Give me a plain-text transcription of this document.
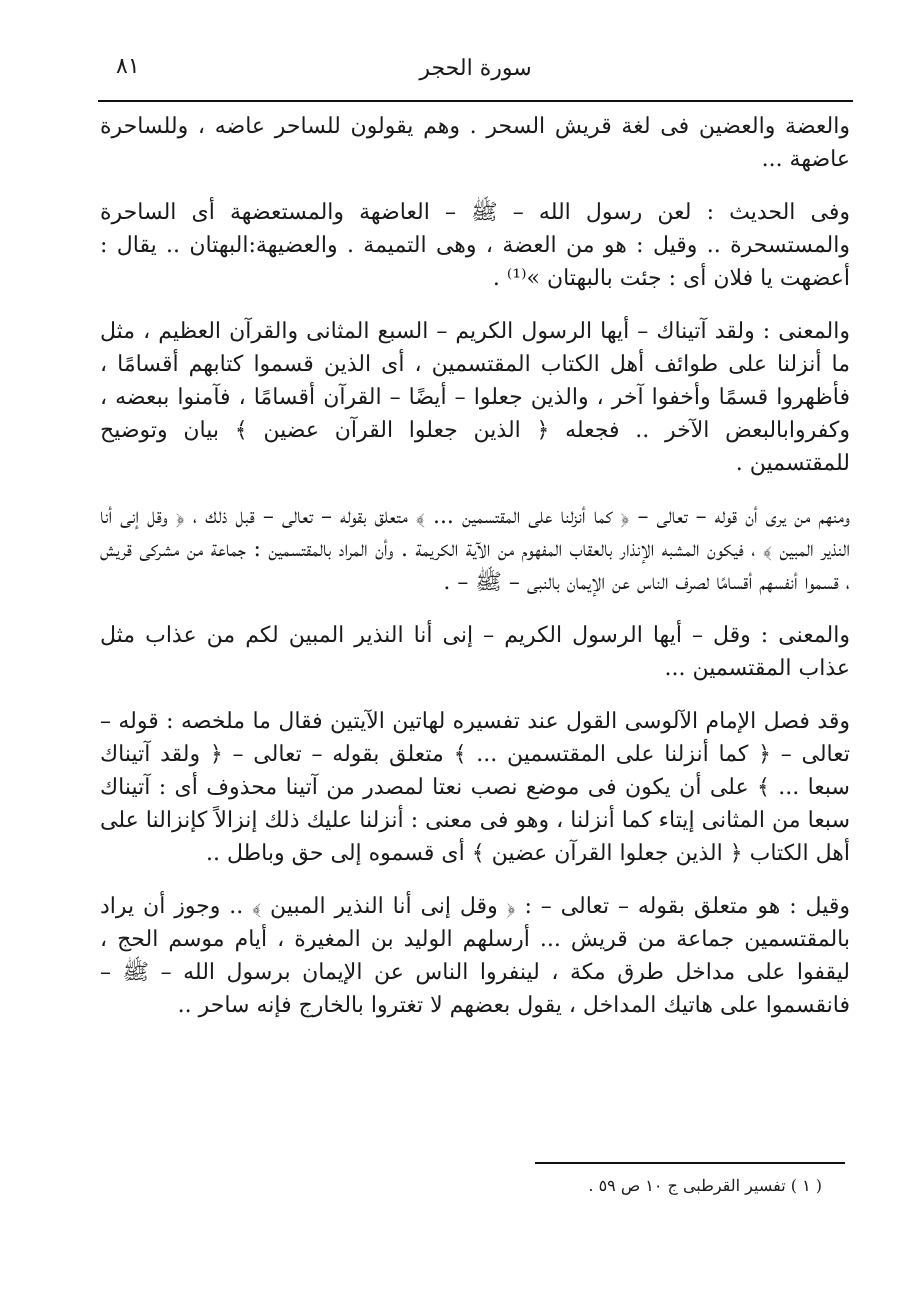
٨١	سورة الحجر

والعضة والعضين فى لغة قريش السحر . وهم يقولون للساحر عاضه ، وللساحرة عاضهة ...

وفى الحديث : لعن رسول الله – ﷺ – العاضهة والمستعضهة أى الساحرة والمستسحرة .. وقيل : هو من العضة ، وهى التميمة . والعضيهة:البهتان .. يقال : أعضهت يا فلان أى : جئت بالبهتان »⁽¹⁾ .

والمعنى : ولقد آتيناك – أيها الرسول الكريم – السبع المثانى والقرآن العظيم ، مثل ما أنزلنا على طوائف أهل الكتاب المقتسمين ، أى الذين قسموا كتابهم أقسامًا ، فأظهروا قسمًا وأخفوا آخر ، والذين جعلوا – أيضًا – القرآن أقسامًا ، فآمنوا ببعضه ، وكفروابالبعض الآخر .. فجعله ﴿ الذين جعلوا القرآن عضين ﴾ بيان وتوضيح للمقتسمين .

ومنهم من يرى أن قوله – تعالى – ﴿ كما أنزلنا على المقتسمين ... ﴾ متعلق بقوله – تعالى – قبل ذلك ، ﴿ وقل إنى أنا النذير المبين ﴾ ، فيكون المشبه الإنذار بالعقاب المفهوم من الآية الكريمة . وأن المراد بالمقتسمين : جماعة من مشركى قريش ، قسموا أنفسهم أقسامًا لصرف الناس عن الإيمان بالنبى – ﷺ – .

والمعنى : وقل – أيها الرسول الكريم – إنى أنا النذير المبين لكم من عذاب مثل عذاب المقتسمين ...

وقد فصل الإمام الآلوسى القول عند تفسيره لهاتين الآيتين فقال ما ملخصه : قوله – تعالى – ﴿ كما أنزلنا على المقتسمين ... ﴾ متعلق بقوله – تعالى – ﴿ ولقد آتيناك سبعا ... ﴾ على أن يكون فى موضع نصب نعتا لمصدر من آتينا محذوف أى : آتيناك سبعا من المثانى إيتاء كما أنزلنا ، وهو فى معنى : أنزلنا عليك ذلك إنزالاً كإنزالنا على أهل الكتاب ﴿ الذين جعلوا القرآن عضين ﴾ أى قسموه إلى حق وباطل ..

وقيل : هو متعلق بقوله – تعالى – : ﴿ وقل إنى أنا النذير المبين ﴾ .. وجوز أن يراد بالمقتسمين جماعة من قريش ... أرسلهم الوليد بن المغيرة ، أيام موسم الحج ، ليقفوا على مداخل طرق مكة ، لينفروا الناس عن الإيمان برسول الله – ﷺ – فانقسموا على هاتيك المداخل ، يقول بعضهم لا تغتروا بالخارج فإنه ساحر ..

( ١ ) تفسير القرطبى ج ١٠ ص ٥٩ .
